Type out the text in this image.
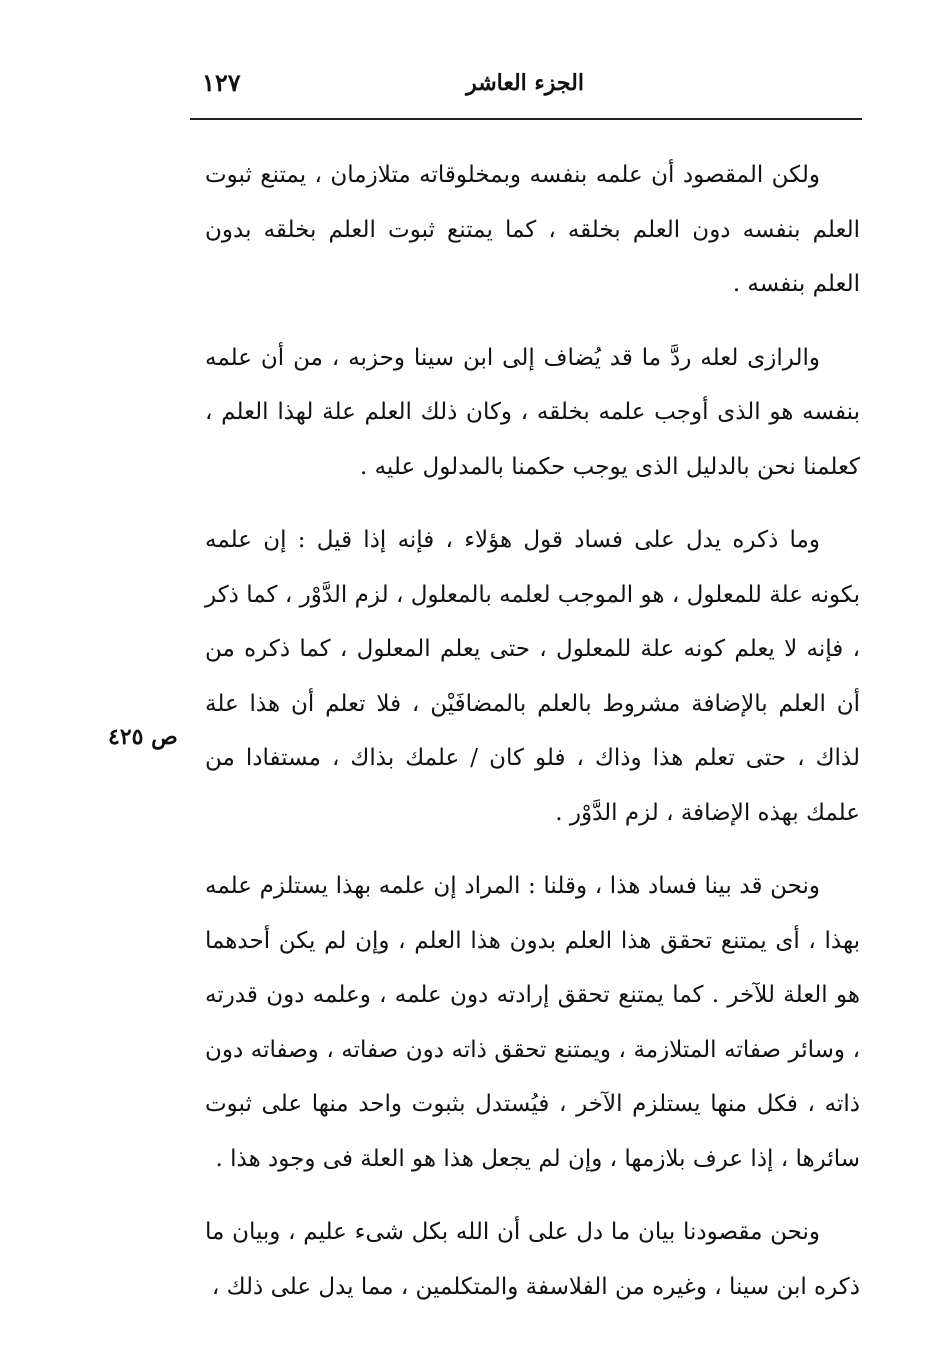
الجزء العاشر
١٢٧

ولكن المقصود أن علمه بنفسه وبمخلوقاته متلازمان ، يمتنع ثبوت العلم بنفسه دون العلم بخلقه ، كما يمتنع ثبوت العلم بخلقه بدون العلم بنفسه .

والرازى لعله ردَّ ما قد يُضاف إلى ابن سينا وحزبه ، من أن علمه بنفسه هو الذى أوجب علمه بخلقه ، وكان ذلك العلم علة لهذا العلم ، كعلمنا نحن بالدليل الذى يوجب حكمنا بالمدلول عليه .

وما ذكره يدل على فساد قول هؤلاء ، فإنه إذا قيل : إن علمه بكونه علة للمعلول ، هو الموجب لعلمه بالمعلول ، لزم الدَّوْر ، كما ذكر ، فإنه لا يعلم كونه علة للمعلول ، حتى يعلم المعلول ، كما ذكره من أن العلم بالإضافة مشروط بالعلم بالمضافَيْن ، فلا تعلم أن هذا علة لذاك ، حتى تعلم هذا وذاك ، فلو كان / علمك بذاك ، مستفادا من علمك بهذه الإضافة ، لزم الدَّوْر .

ونحن قد بينا فساد هذا ، وقلنا : المراد إن علمه بهذا يستلزم علمه بهذا ، أى يمتنع تحقق هذا العلم بدون هذا العلم ، وإن لم يكن أحدهما هو العلة للآخر . كما يمتنع تحقق إرادته دون علمه ، وعلمه دون قدرته ، وسائر صفاته المتلازمة ، ويمتنع تحقق ذاته دون صفاته ، وصفاته دون ذاته ، فكل منها يستلزم الآخر ، فيُستدل بثبوت واحد منها على ثبوت سائرها ، إذا عرف بلازمها ، وإن لم يجعل هذا هو العلة فى وجود هذا .

ونحن مقصودنا بيان ما دل على أن الله بكل شىء عليم ، وبيان ما ذكره ابن سينا ، وغيره من الفلاسفة والمتكلمين ، مما يدل على ذلك ،

ص ٤٢٥
